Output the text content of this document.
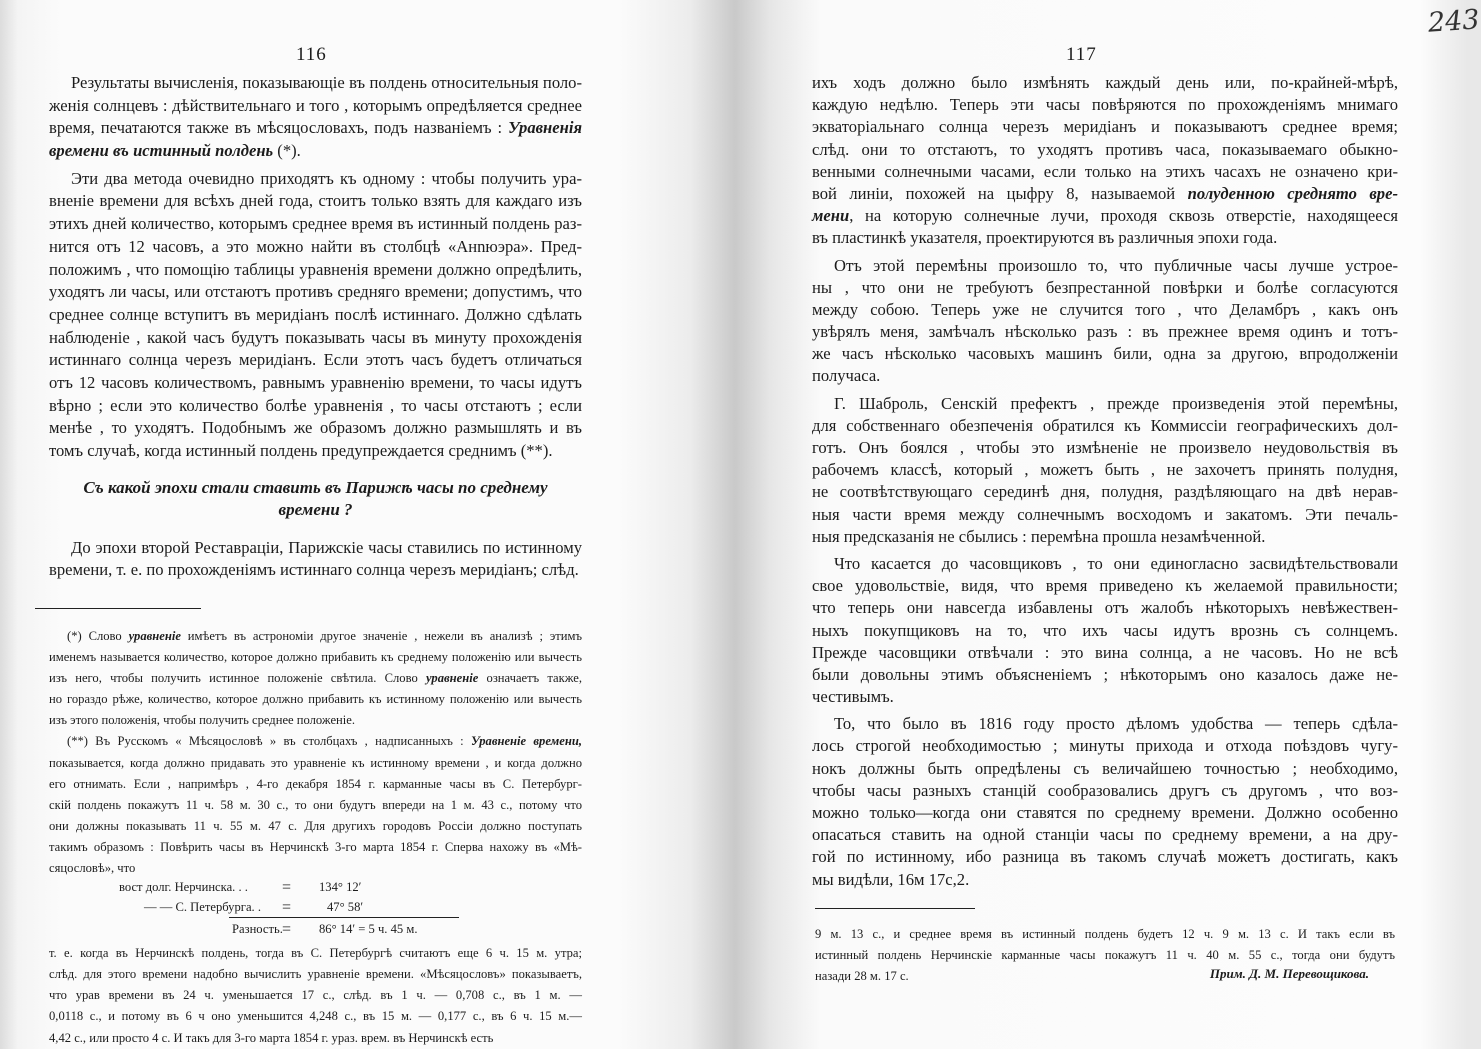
243
116
Результаты вычисленія, показывающіе въ полдень относительныя поло-
женія солнцевъ : дѣйствительнаго и того , которымъ опредѣляется среднее
время, печатаются также въ мѣсяцословахъ, подъ названіемъ : Уравненія
времени въ истинный полдень (*).
Эти два метода очевидно приходятъ къ одному : чтобы получить ура-
вненіе времени для всѣхъ дней года, стоитъ только взять для каждаго изъ
этихъ дней количество, которымъ среднее время въ истинный полдень раз-
нится отъ 12 часовъ, а это можно найти въ столбцѣ «Анnюэра». Пред-
положимъ , что помощію таблицы уравненія времени должно опредѣлить,
уходятъ ли часы, или отстаютъ противъ средняго времени; допустимъ, что
среднее солнце вступитъ въ меридіанъ послѣ истиннаго. Должно сдѣлать
наблюденіе , какой часъ будутъ показывать часы въ минуту прохожденія
истиннаго солнца черезъ меридіанъ. Если этотъ часъ будетъ отличаться
отъ 12 часовъ количествомъ, равнымъ уравненію времени, то часы идутъ
вѣрно ; если это количество болѣе уравненія , то часы отстаютъ ; если
менѣе , то уходятъ. Подобнымъ же образомъ должно размышлять и въ
томъ случаѣ, когда истинный полдень предупреждается среднимъ (**).
Съ какой эпохи стали ставить въ Парижѣ часы по среднему
времени ?
До эпохи второй Реставраціи, Парижскіе часы ставились по истинному
времени, т. е. по прохожденіямъ истиннаго солнца черезъ меридіанъ; слѣд.
(*) Слово уравненіе имѣетъ въ астрономіи другое значеніе , нежели въ анализѣ ; этимъ
именемъ называется количество, которое должно прибавить къ среднему положенію или вычесть
изъ него, чтобы получить истинное положеніе свѣтила. Слово уравненіе означаетъ также,
но гораздо рѣже, количество, которое должно прибавить къ истинному положенію или вычесть
изъ этого положенія, чтобы получить среднее положеніе.
(**) Въ Русскомъ « Мѣсяцословѣ » въ столбцахъ , надписанныхъ : Уравненіе времени,
показывается, когда должно придавать это уравненіе къ истинному времени , и когда должно
его отнимать. Если , напримѣръ , 4-го декабря 1854 г. карманные часы въ С. Петербург-
скій полдень покажутъ 11 ч. 58 м. 30 с., то они будутъ впереди на 1 м. 43 с., потому что
они должны показывать 11 ч. 55 м. 47 с. Для другихъ городовъ Россіи должно поступать
такимъ образомъ : Повѣрить часы въ Нерчинскѣ 3-го марта 1854 г. Сперва нахожу въ «Мѣ-
сяцословѣ», что
вост долг. Нерчинска. . . = 134° 12′
— — С. Петербурга. . =	47° 58′
Разность. = 86° 14′ = 5 ч. 45 м.
т. е. когда въ Нерчинскѣ полдень, тогда въ С. Петербургѣ считаютъ еще 6 ч. 15 м. утра;
слѣд. для этого времени надобно вычислить уравненіе времени. «Мѣсяцословъ» показываетъ,
что урав времени въ 24 ч. уменьшается 17 с., слѣд. въ 1 ч. — 0,708 с., въ 1 м. —
0,0118 с., и потому въ 6 ч оно уменьшится 4,248 с., въ 15 м. — 0,177 с., въ 6 ч. 15 м.—
4,42 с., или просто 4 с. И такъ для 3-го марта 1854 г. ураз. врем. въ Нерчинскѣ есть
117
ихъ ходъ должно было измѣнять каждый день или, по-крайней-мѣрѣ,
каждую недѣлю. Теперь эти часы повѣряются по прохожденіямъ мнимаго
экваторіальнаго солнца черезъ меридіанъ и показываютъ среднее время;
слѣд. они то отстаютъ, то уходятъ противъ часа, показываемаго обыкно-
венными солнечными часами, если только на этихъ часахъ не означено кри-
вой линіи, похожей на цыфру 8, называемой полуденною среднято вре-
мени, на которую солнечные лучи, проходя сквозь отверстіе, находящееся
въ пластинкѣ указателя, проектируются въ различныя эпохи года.
Отъ этой перемѣны произошло то, что публичные часы лучше устрое-
ны , что они не требуютъ безпрестанной повѣрки и болѣе согласуются
между собою. Теперь уже не случится того , что Деламбръ , какъ онъ
увѣрялъ меня, замѣчалъ нѣсколько разъ : въ прежнее время одинъ и тотъ-
же часъ нѣсколько часовыхъ машинъ били, одна за другою, впродолженіи
получаса.
Г. Шаброль, Сенскій префектъ , прежде произведенія этой перемѣны,
для собственнаго обезпеченія обратился къ Коммиссіи географическихъ дол-
готъ. Онъ боялся , чтобы это измѣненіе не произвело неудовольствія въ
рабочемъ классѣ, который , можетъ быть , не захочетъ принять полудня,
не соотвѣтствующаго серединѣ дня, полудня, раздѣляющаго на двѣ нерав-
ныя части время между солнечнымъ восходомъ и закатомъ. Эти печаль-
ныя предсказанія не сбылись : перемѣна прошла незамѣченной.
Что касается до часовщиковъ , то они единогласно засвидѣтельствовали
свое удовольствіе, видя, что время приведено къ желаемой правильности;
что теперь они навсегда избавлены отъ жалобъ нѣкоторыхъ невѣжествен-
ныхъ покупщиковъ на то, что ихъ часы идутъ врознь съ солнцемъ.
Прежде часовщики отвѣчали : это вина солнца, а не часовъ. Но не всѣ
были довольны этимъ объясненіемъ ; нѣкоторымъ оно казалось даже не-
честивымъ.
То, что было въ 1816 году просто дѣломъ удобства — теперь сдѣла-
лось строгой необходимостью ; минуты прихода и отхода поѣздовъ чугу-
нокъ должны быть опредѣлены съ величайшею точностью ; необходимо,
чтобы часы разныхъ станцій сообразовались другъ съ другомъ , что воз-
можно только—когда они ставятся по среднему времени. Должно особенно
опасаться ставить на одной станціи часы по среднему времени, а на дру-
гой по истинному, ибо разница въ такомъ случаѣ можетъ достигать, какъ
мы видѣли, 16м 17с,2.
9 м. 13 с., и среднее время въ истинный полдень будетъ 12 ч. 9 м. 13 с. И такъ если въ
истинный полдень Нерчинскіе карманные часы покажутъ 11 ч. 40 м. 55 с., тогда они будутъ
назади 28 м. 17 с.	Прим. Д. М. Перевощикова.
